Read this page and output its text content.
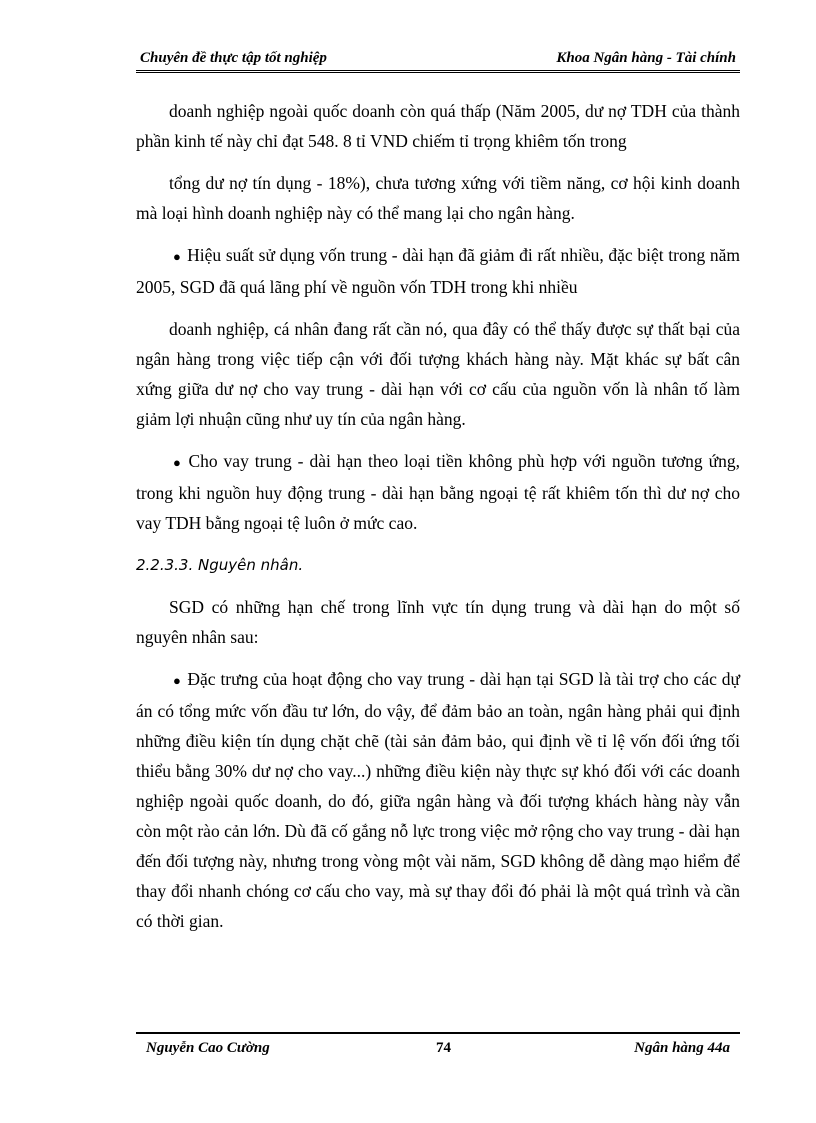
Chuyên đề thực tập tốt nghiệp	Khoa Ngân hàng - Tài chính

doanh nghiệp ngoài quốc doanh còn quá thấp (Năm 2005, dư nợ TDH của thành phần kinh tế này chỉ đạt 548. 8 tỉ VND chiếm tỉ trọng khiêm tốn trong

tổng dư nợ tín dụng - 18%), chưa tương xứng với tiềm năng, cơ hội kinh doanh mà loại hình doanh nghiệp này có thể mang lại cho ngân hàng.

● Hiệu suất sử dụng vốn trung - dài hạn đã giảm đi rất nhiều, đặc biệt trong năm 2005, SGD đã quá lãng phí về nguồn vốn TDH trong khi nhiều

doanh nghiệp, cá nhân đang rất cần nó, qua đây có thể thấy được sự thất bại của ngân hàng trong việc tiếp cận với đối tượng khách hàng này. Mặt khác sự bất cân xứng giữa dư nợ cho vay trung - dài hạn với cơ cấu của nguồn vốn là nhân tố làm giảm lợi nhuận cũng như uy tín của ngân hàng.

● Cho vay trung - dài hạn theo loại tiền không phù hợp với nguồn tương ứng, trong khi nguồn huy động trung - dài hạn bằng ngoại tệ rất khiêm tốn thì dư nợ cho vay TDH bằng ngoại tệ luôn ở mức cao.

2.2.3.3. Nguyên nhân.

SGD có những hạn chế trong lĩnh vực tín dụng trung và dài hạn do một số nguyên nhân sau:

● Đặc trưng của hoạt động cho vay trung - dài hạn tại SGD là tài trợ cho các dự án có tổng mức vốn đầu tư lớn, do vậy, để đảm bảo an toàn, ngân hàng phải qui định những điều kiện tín dụng chặt chẽ (tài sản đảm bảo, qui định về tỉ lệ vốn đối ứng tối thiểu bằng 30% dư nợ cho vay...) những điều kiện này thực sự khó đối với các doanh nghiệp ngoài quốc doanh, do đó, giữa ngân hàng và đối tượng khách hàng này vẫn còn một rào cản lớn. Dù đã cố gắng nỗ lực trong việc mở rộng cho vay trung - dài hạn đến đối tượng này, nhưng trong vòng một vài năm, SGD không dễ dàng mạo hiểm để thay đổi nhanh chóng cơ cấu cho vay, mà sự thay đổi đó phải là một quá trình và cần có thời gian.

Nguyễn Cao Cường	74	Ngân hàng 44a
